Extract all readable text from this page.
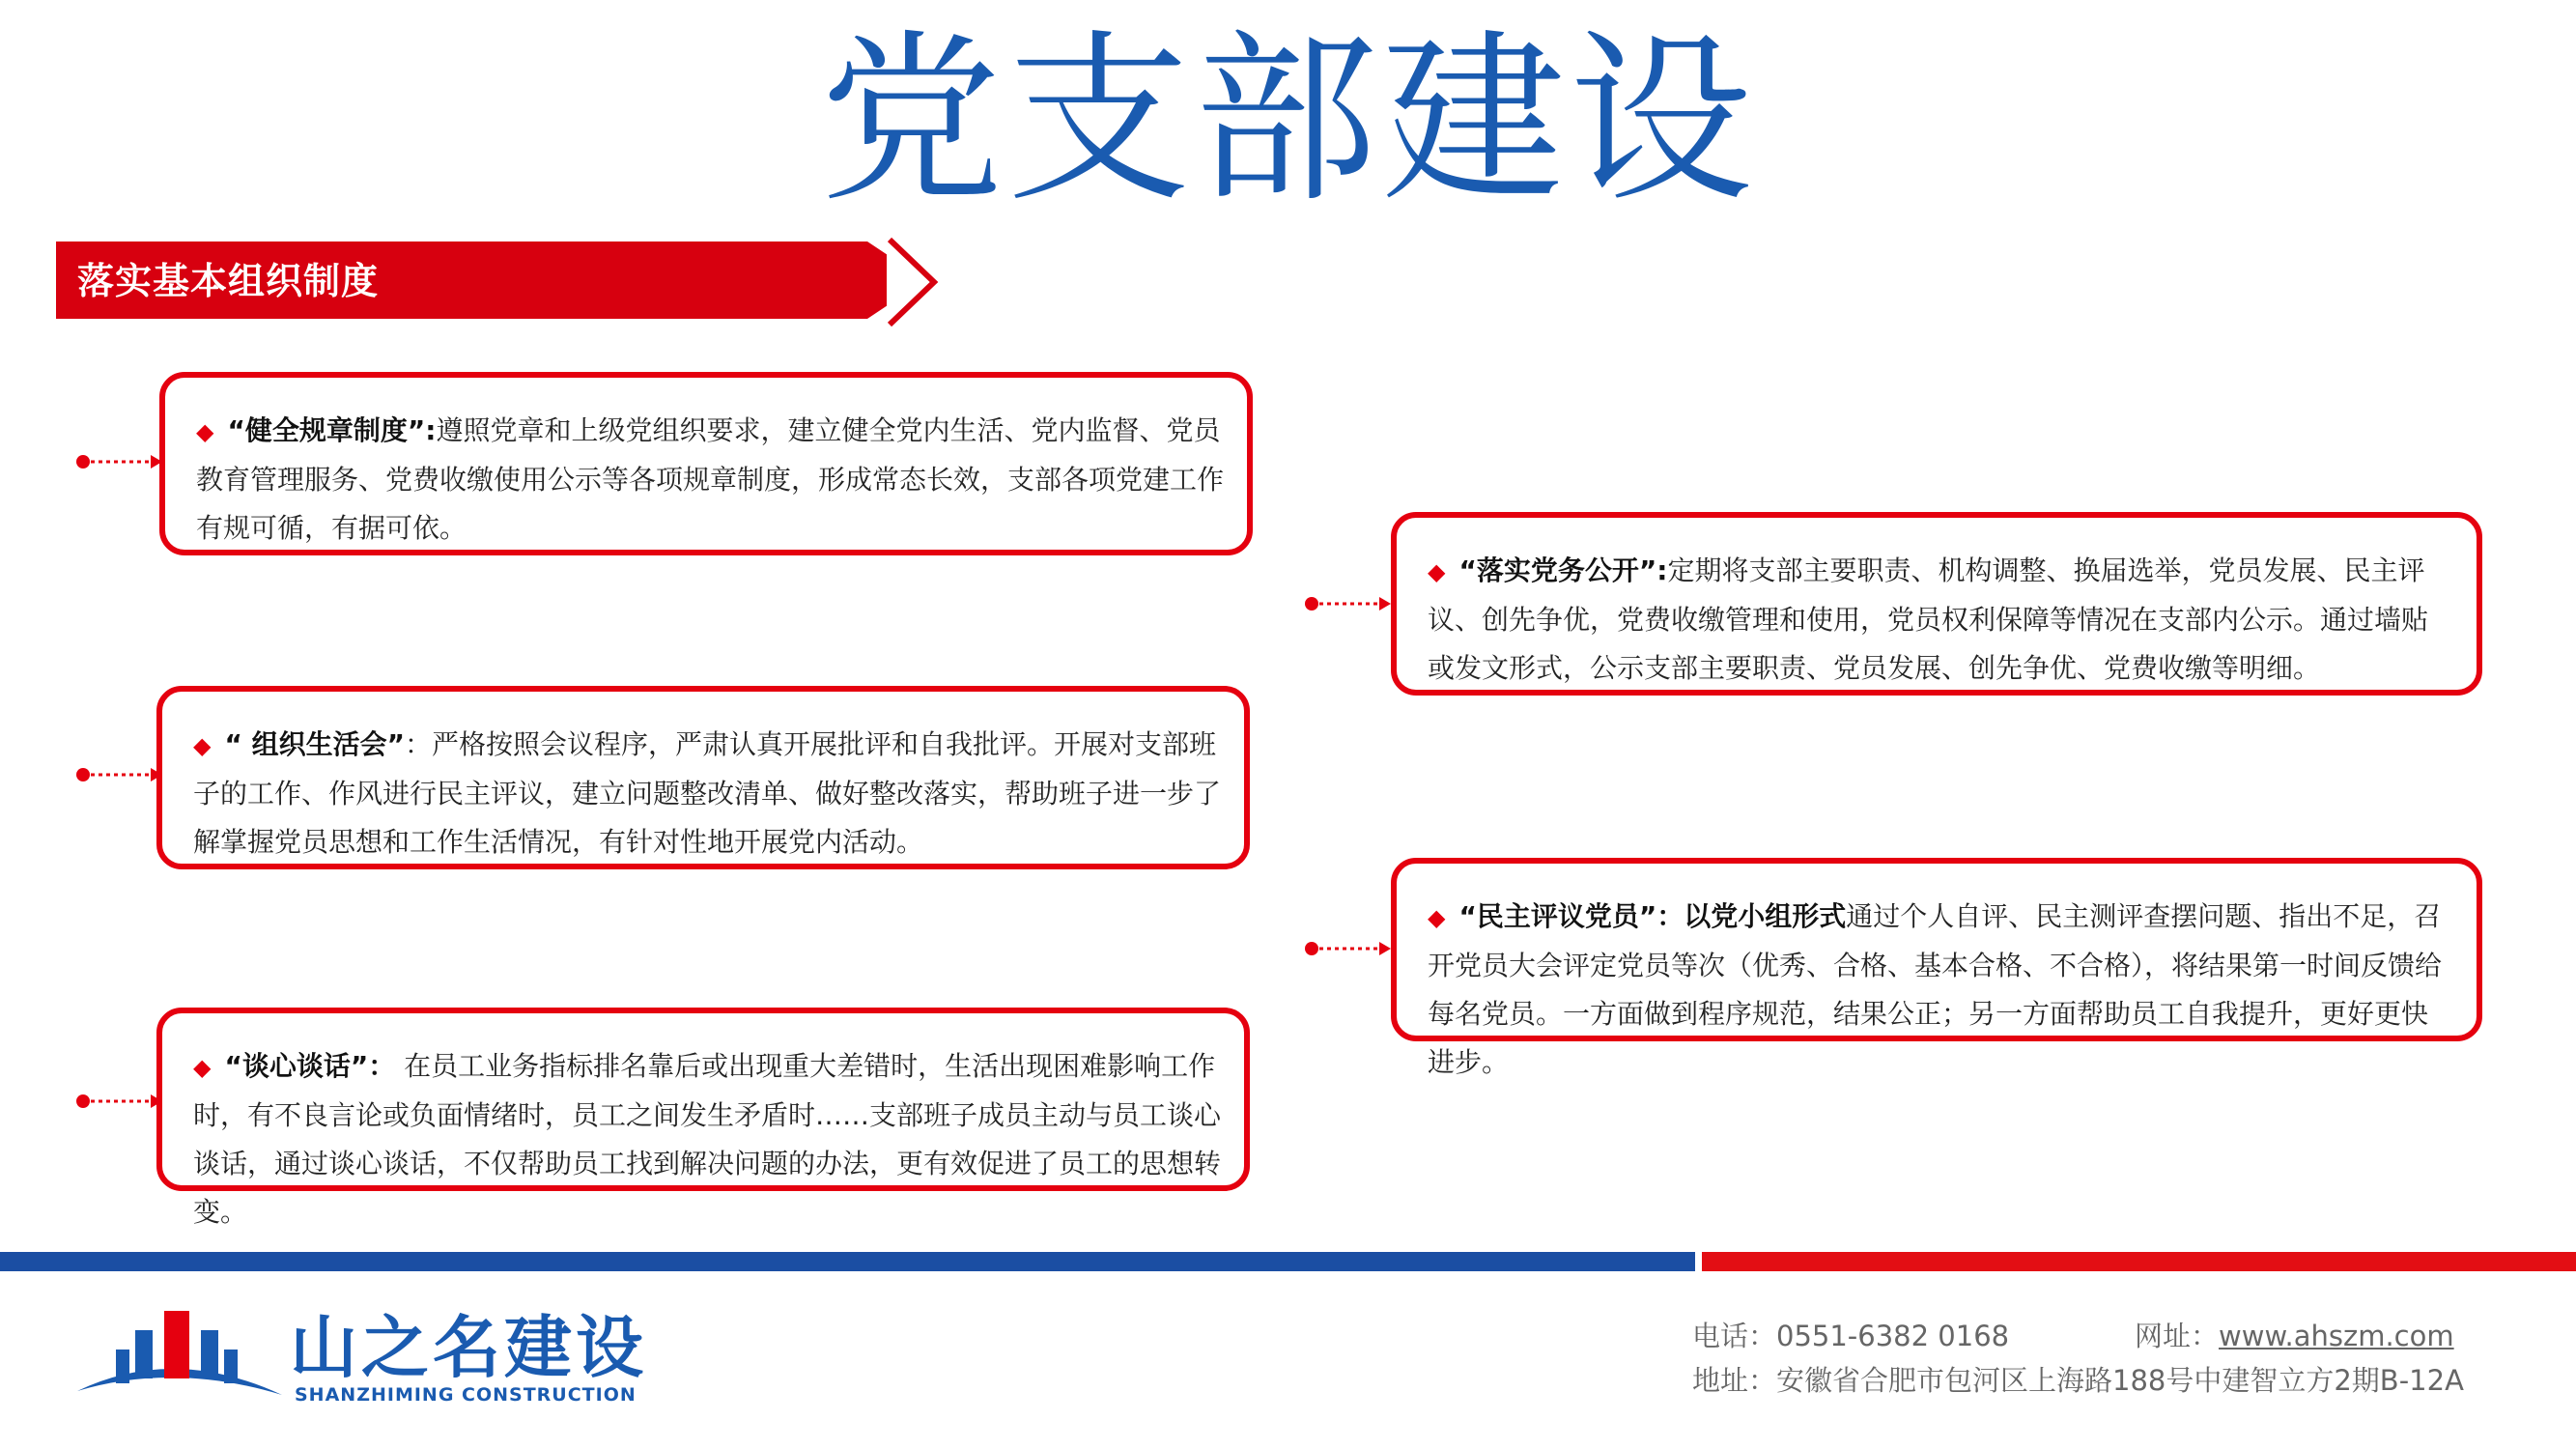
党支部建设
落实基本组织制度
◆ “健全规章制度”:遵照党章和上级党组织要求，建立健全党内生活、党内监督、党员教育管理服务、党费收缴使用公示等各项规章制度，形成常态长效，支部各项党建工作有规可循，有据可依。
◆ “ 组织生活会”：严格按照会议程序，严肃认真开展批评和自我批评。开展对支部班子的工作、作风进行民主评议，建立问题整改清单、做好整改落实，帮助班子进一步了解掌握党员思想和工作生活情况，有针对性地开展党内活动。
◆ “谈心谈话”： 在员工业务指标排名靠后或出现重大差错时，生活出现困难影响工作时，有不良言论或负面情绪时，员工之间发生矛盾时……支部班子成员主动与员工谈心谈话，通过谈心谈话，不仅帮助员工找到解决问题的办法，更有效促进了员工的思想转变。
◆ “落实党务公开”:定期将支部主要职责、机构调整、换届选举，党员发展、民主评议、创先争优，党费收缴管理和使用，党员权利保障等情况在支部内公示。通过墙贴或发文形式，公示支部主要职责、党员发展、创先争优、党费收缴等明细。
◆ “民主评议党员”：以党小组形式通过个人自评、民主测评查摆问题、指出不足，召开党员大会评定党员等次（优秀、合格、基本合格、不合格），将结果第一时间反馈给每名党员。一方面做到程序规范，结果公正；另一方面帮助员工自我提升，更好更快进步。
山之名建设
SHANZHIMING CONSTRUCTION
电话：0551-6382 0168	网址：www.ahszm.com
地址：安徽省合肥市包河区上海路188号中建智立方2期B-12A
